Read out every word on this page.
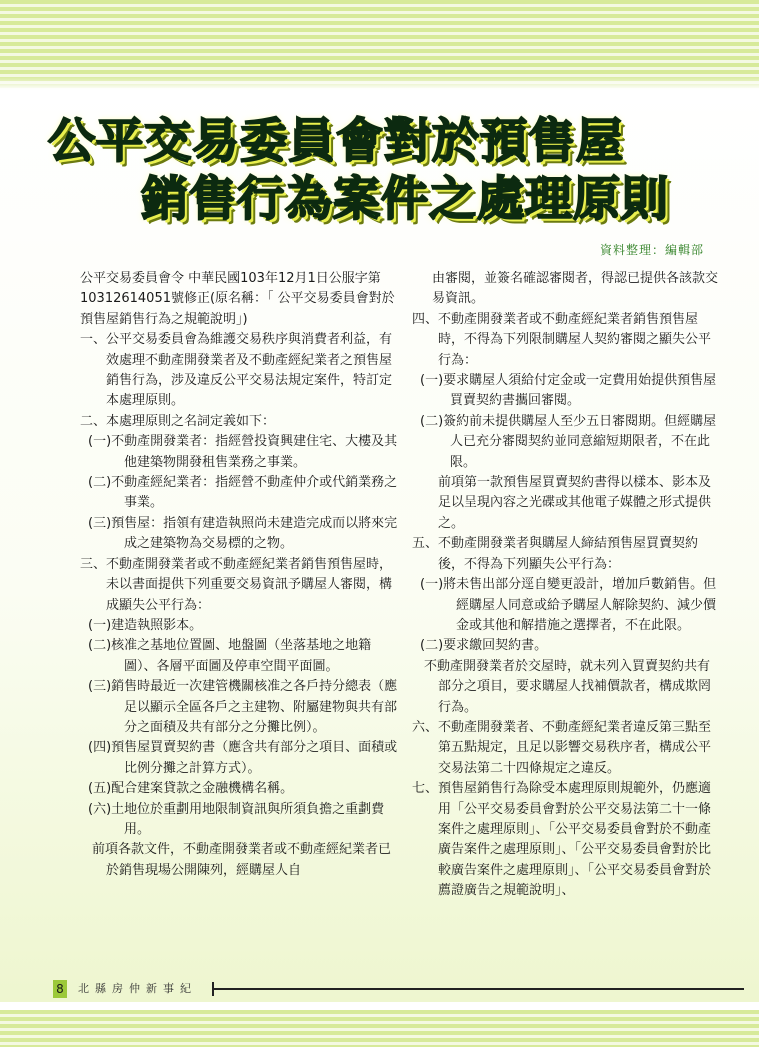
公平交易委員會對於預售屋
銷售行為案件之處理原則
資料整理：編輯部

公平交易委員會令 中華民國103年12月1日公服字第10312614051號修正(原名稱：「 公平交易委員會對於預售屋銷售行為之規範說明」)

一、公平交易委員會為維護交易秩序與消費者利益，有效處理不動產開發業者及不動產經紀業者之預售屋銷售行為，涉及違反公平交易法規定案件，特訂定本處理原則。

二、本處理原則之名詞定義如下：

(一)不動產開發業者：指經營投資興建住宅、大樓及其他建築物開發租售業務之事業。

(二)不動產經紀業者：指經營不動產仲介或代銷業務之事業。

(三)預售屋：指領有建造執照尚未建造完成而以將來完成之建築物為交易標的之物。

三、不動產開發業者或不動產經紀業者銷售預售屋時，未以書面提供下列重要交易資訊予購屋人審閱，構成顯失公平行為：

(一)建造執照影本。

(二)核准之基地位置圖、地盤圖（坐落基地之地籍圖）、各層平面圖及停車空間平面圖。

(三)銷售時最近一次建管機關核准之各戶持分總表（應足以顯示全區各戶之主建物、附屬建物與共有部分之面積及共有部分之分攤比例）。

(四)預售屋買賣契約書（應含共有部分之項目、面積或比例分攤之計算方式）。

(五)配合建案貸款之金融機構名稱。

(六)土地位於重劃用地限制資訊與所須負擔之重劃費用。

前項各款文件，不動產開發業者或不動產經紀業者已於銷售現場公開陳列，經購屋人自

由審閱，並簽名確認審閱者，得認已提供各該款交易資訊。

四、不動產開發業者或不動產經紀業者銷售預售屋時，不得為下列限制購屋人契約審閱之顯失公平行為：

(一)要求購屋人須給付定金或一定費用始提供預售屋買賣契約書攜回審閱。

(二)簽約前未提供購屋人至少五日審閱期。但經購屋人已充分審閱契約並同意縮短期限者，不在此限。

前項第一款預售屋買賣契約書得以樣本、影本及足以呈現內容之光碟或其他電子媒體之形式提供之。

五、不動產開發業者與購屋人締結預售屋買賣契約後，不得為下列顯失公平行為：

(一)將未售出部分逕自變更設計，增加戶數銷售。但經購屋人同意或給予購屋人解除契約、減少價金或其他和解措施之選擇者，不在此限。

(二)要求繳回契約書。

不動產開發業者於交屋時，就未列入買賣契約共有部分之項目，要求購屋人找補價款者，構成欺罔行為。

六、不動產開發業者、不動產經紀業者違反第三點至第五點規定，且足以影響交易秩序者，構成公平交易法第二十四條規定之違反。

七、預售屋銷售行為除受本處理原則規範外，仍應適用「公平交易委員會對於公平交易法第二十一條案件之處理原則」、「公平交易委員會對於不動產廣告案件之處理原則」、「公平交易委員會對於比較廣告案件之處理原則」、「公平交易委員會對於薦證廣告之規範說明」、

8 北縣房仲新事紀
